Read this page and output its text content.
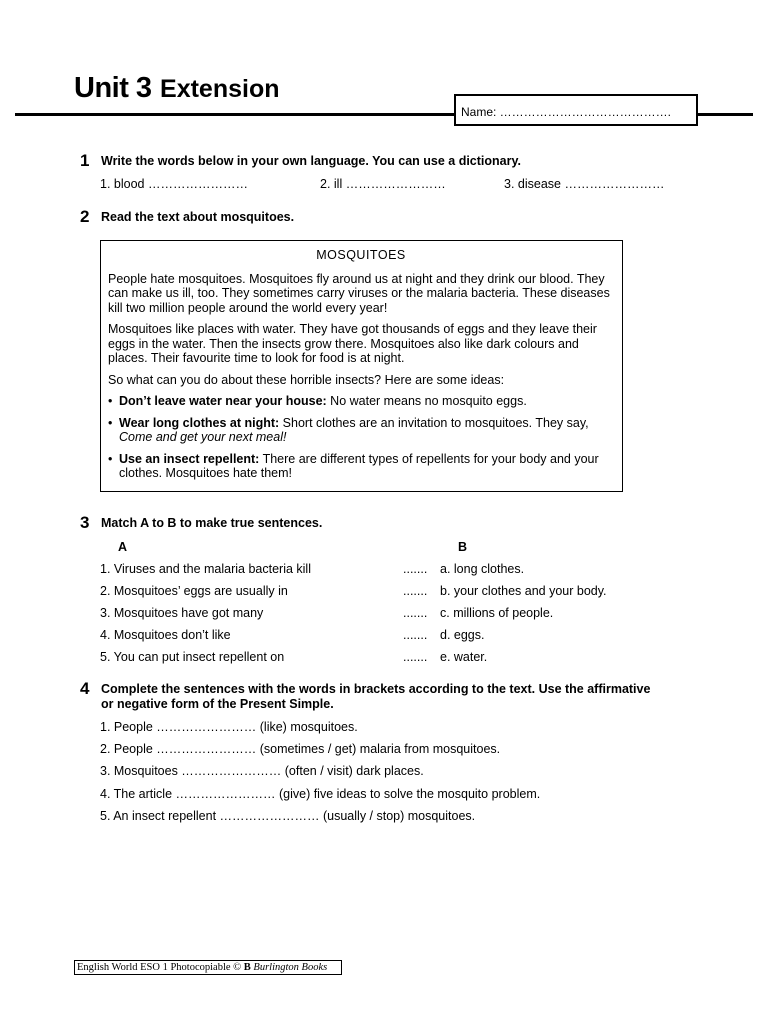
Unit 3 Extension
Name: …………………………………….
1 Write the words below in your own language. You can use a dictionary.
1. blood ……………………	2. ill ……………………	3. disease ……………………
2 Read the text about mosquitoes.
MOSQUITOES

People hate mosquitoes. Mosquitoes fly around us at night and they drink our blood. They can make us ill, too. They sometimes carry viruses or the malaria bacteria. These diseases kill two million people around the world every year!

Mosquitoes like places with water. They have got thousands of eggs and they leave their eggs in the water. Then the insects grow there. Mosquitoes also like dark colours and places. Their favourite time to look for food is at night.

So what can you do about these horrible insects? Here are some ideas:

• Don’t leave water near your house: No water means no mosquito eggs.
• Wear long clothes at night: Short clothes are an invitation to mosquitoes. They say, Come and get your next meal!
• Use an insect repellent: There are different types of repellents for your body and your clothes. Mosquitoes hate them!
3 Match A to B to make true sentences.
A	B
1. Viruses and the malaria bacteria kill	....... a. long clothes.
2. Mosquitoes’ eggs are usually in	....... b. your clothes and your body.
3. Mosquitoes have got many	....... c. millions of people.
4. Mosquitoes don’t like	....... d. eggs.
5. You can put insect repellent on	....... e. water.
4 Complete the sentences with the words in brackets according to the text. Use the affirmative or negative form of the Present Simple.
1. People …………………… (like) mosquitoes.
2. People …………………… (sometimes / get) malaria from mosquitoes.
3. Mosquitoes …………………… (often / visit) dark places.
4. The article …………………… (give) five ideas to solve the mosquito problem.
5. An insect repellent …………………… (usually / stop) mosquitoes.
English World ESO 1 Photocopiable © B Burlington Books
